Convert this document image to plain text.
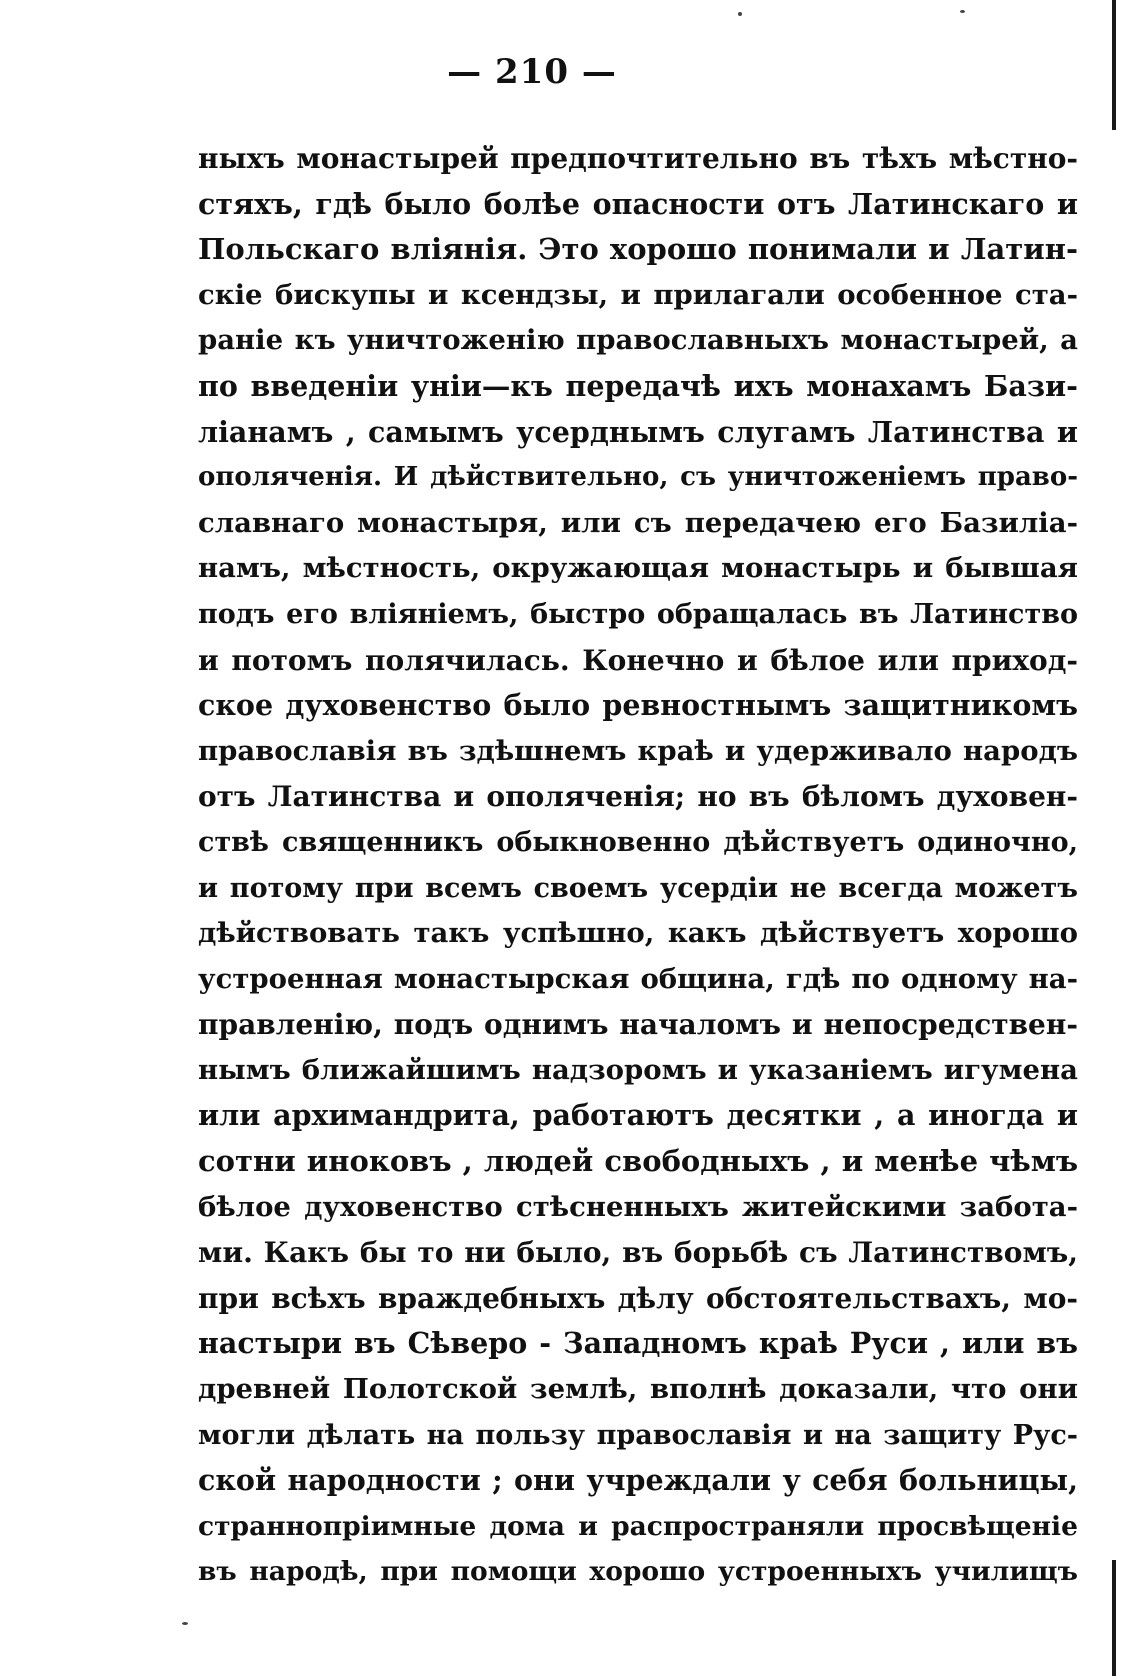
— 210 —
ныхъ монастырей предпочтительно въ тѣхъ мѣстно-
стяхъ, гдѣ было болѣе опасности отъ Латинскаго и
Польскаго вліянія. Это хорошо понимали и Латин-
скіе бискупы и ксендзы, и прилагали особенное ста-
раніе къ уничтоженію православныхъ монастырей, а
по введеніи уніи—къ передачѣ ихъ монахамъ Бази-
ліанамъ , самымъ усерднымъ слугамъ Латинства и
ополяченія. И дѣйствительно, съ уничтоженіемъ право-
славнаго монастыря, или съ передачею его Базиліа-
намъ, мѣстность, окружающая монастырь и бывшая
подъ его вліяніемъ, быстро обращалась въ Латинство
и потомъ полячилась. Конечно и бѣлое или приход-
ское духовенство было ревностнымъ защитникомъ
православія въ здѣшнемъ краѣ и удерживало народъ
отъ Латинства и ополяченія; но въ бѣломъ духовен-
ствѣ священникъ обыкновенно дѣйствуетъ одиночно,
и потому при всемъ своемъ усердіи не всегда можетъ
дѣйствовать такъ успѣшно, какъ дѣйствуетъ хорошо
устроенная монастырская община, гдѣ по одному на-
правленію, подъ однимъ началомъ и непосредствен-
нымъ ближайшимъ надзоромъ и указаніемъ игумена
или архимандрита, работаютъ десятки , а иногда и
сотни иноковъ , людей свободныхъ , и менѣе чѣмъ
бѣлое духовенство стѣсненныхъ житейскими забота-
ми. Какъ бы то ни было, въ борьбѣ съ Латинствомъ,
при всѣхъ враждебныхъ дѣлу обстоятельствахъ, мо-
настыри въ Сѣверо - Западномъ краѣ Руси , или въ
древней Полотской землѣ, вполнѣ доказали, что они
могли дѣлать на пользу православія и на защиту Рус-
ской народности ; они учреждали у себя больницы,
страннопріимные дома и распространяли просвѣщеніе
въ народѣ, при помощи хорошо устроенныхъ училищъ
